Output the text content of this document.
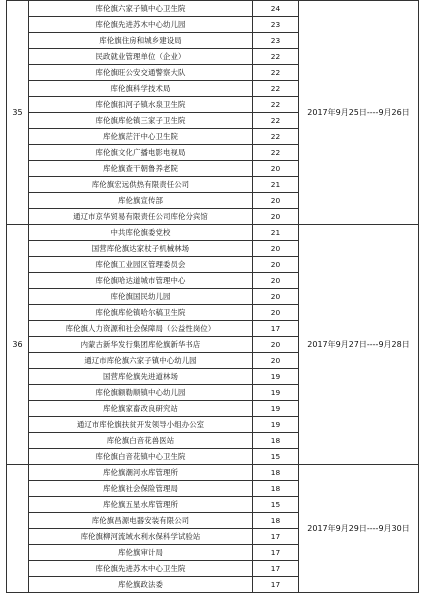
35	库伦旗六家子镇中心卫生院	24	2017年9月25日----9月26日
	库伦旗先进苏木中心幼儿园	23	
	库伦旗住房和城乡建设局	23	
	民政就业管理单位（企业）	22	
	库伦旗旺公安交通警察大队	22	
	库伦旗科学技术局	22	
	库伦旗扣河子镇水泉卫生院	22	
	库伦旗库伦镇三家子卫生院	22	
	库伦旗茫汗中心卫生院	22	
	库伦旗文化广播电影电视局	22	
	库伦旗查干朝鲁养老院	20	
	库伦旗宏远供热有限责任公司	21	
	库伦旗宣传部	20	
	通辽市京华贸易有限责任公司库伦分宾馆	20	
36	中共库伦旗委党校	21	2017年9月27日----9月28日
	国营库伦旗达家杖子机械林场	20	
	库伦旗工业园区管理委员会	20	
	库伦旗哈达道城市管理中心	20	
	库伦旗国民幼儿园	20	
	库伦旗库伦镇哈尔稿卫生院	20	
	库伦旗人力资源和社会保障局（公益性岗位）	17	
	内蒙古新华发行集团库伦旗新华书店	20	
	通辽市库伦旗六家子镇中心幼儿园	20	
	国营库伦旗先进道林场	19	
	库伦旗额勒顺镇中心幼儿园	19	
	库伦旗家畜改良研究站	19	
	通辽市库伦旗扶贫开发领导小组办公室	19	
	库伦旗白音花兽医站	18	
	库伦旗白音花镇中心卫生院	15	
	库伦旗潮河水库管理所	18	2017年9月29日----9月30日
	库伦旗社会保险管理局	18	
	库伦旗五星水库管理所	15	
	库伦旗昌源电器安装有限公司	18	
	库伦旗柳河流域水利水保科学试验站	17	
	库伦旗审计局	17	
	库伦旗先进苏木中心卫生院	17	
	库伦旗政法委	17	
